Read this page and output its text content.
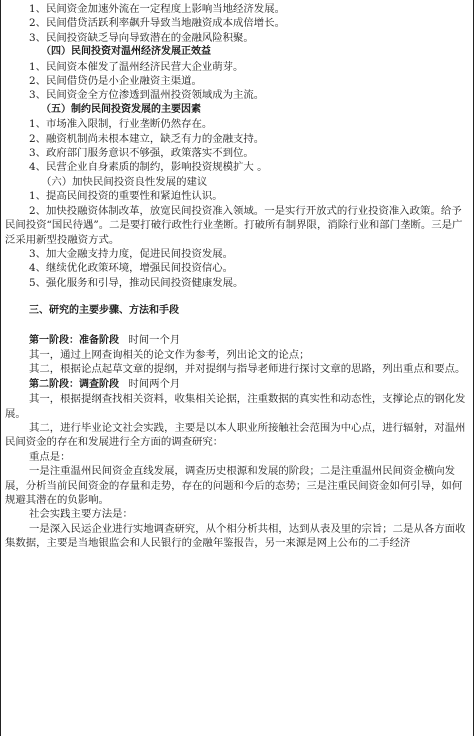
1、民间资金加速外流在一定程度上影响当地经济发展。
2、民间借贷活跃利率飙升导致当地融资成本成倍增长。
3、民间投资缺乏导向导致潜在的金融风险积聚。
（四）民间投资对温州经济发展正效益
1、民间资本催发了温州经济民营大企业萌芽。
2、民间借贷仍是小企业融资主渠道。
3、民间资金全方位渗透到温州投资领域成为主流。
（五）制约民间投资发展的主要因素
1、市场准入限制，行业垄断仍然存在。
2、融资机制尚未根本建立，缺乏有力的金融支持。
3、政府部门服务意识不够强，政策落实不到位。
4、民营企业自身素质的制约，影响投资规模扩大 。
（六）加快民间投资良性发展的建议
1、提高民间投资的重要性和紧迫性认识。
2、加快投融资体制改革，放宽民间投资准入领域。一是实行开放式的行业投资准入政策。给予民间投资“国民待遇”。二是要打破行政性行业垄断。打破所有制界限，消除行业和部门垄断。三是广泛采用新型投融资方式。
3、加大金融支持力度，促进民间投资发展。
4、继续优化政策环境，增强民间投资信心。
5、强化服务和引导，推动民间投资健康发展。
三、研究的主要步骤、方法和手段
第一阶段：准备阶段 时间一个月
其一，通过上网查询相关的论文作为参考，列出论文的论点；
其二，根据论点起草文章的提纲，并对提纲与指导老师进行探讨文章的思路，列出重点和要点。
第二阶段：调查阶段 时间两个月
其一，根据提纲查找相关资料，收集相关论据，注重数据的真实性和动态性，支撑论点的钢化发展。
其二，进行毕业论文社会实践，主要是以本人职业所接触社会范围为中心点，进行辐射，对温州民间资金的存在和发展进行全方面的调查研究：
重点是：
一是注重温州民间资金直线发展，调查历史根源和发展的阶段；二是注重温州民间资金横向发展，分析当前民间资金的存量和走势，存在的问题和今后的态势；三是注重民间资金如何引导，如何规避其潜在的负影响。
社会实践主要方法是：
一是深入民运企业进行实地调查研究，从个相分析共相，达到从表及里的宗旨；二是从各方面收集数据，主要是当地银监会和人民银行的金融年鉴报告，另一来源是网上公布的二手经济
